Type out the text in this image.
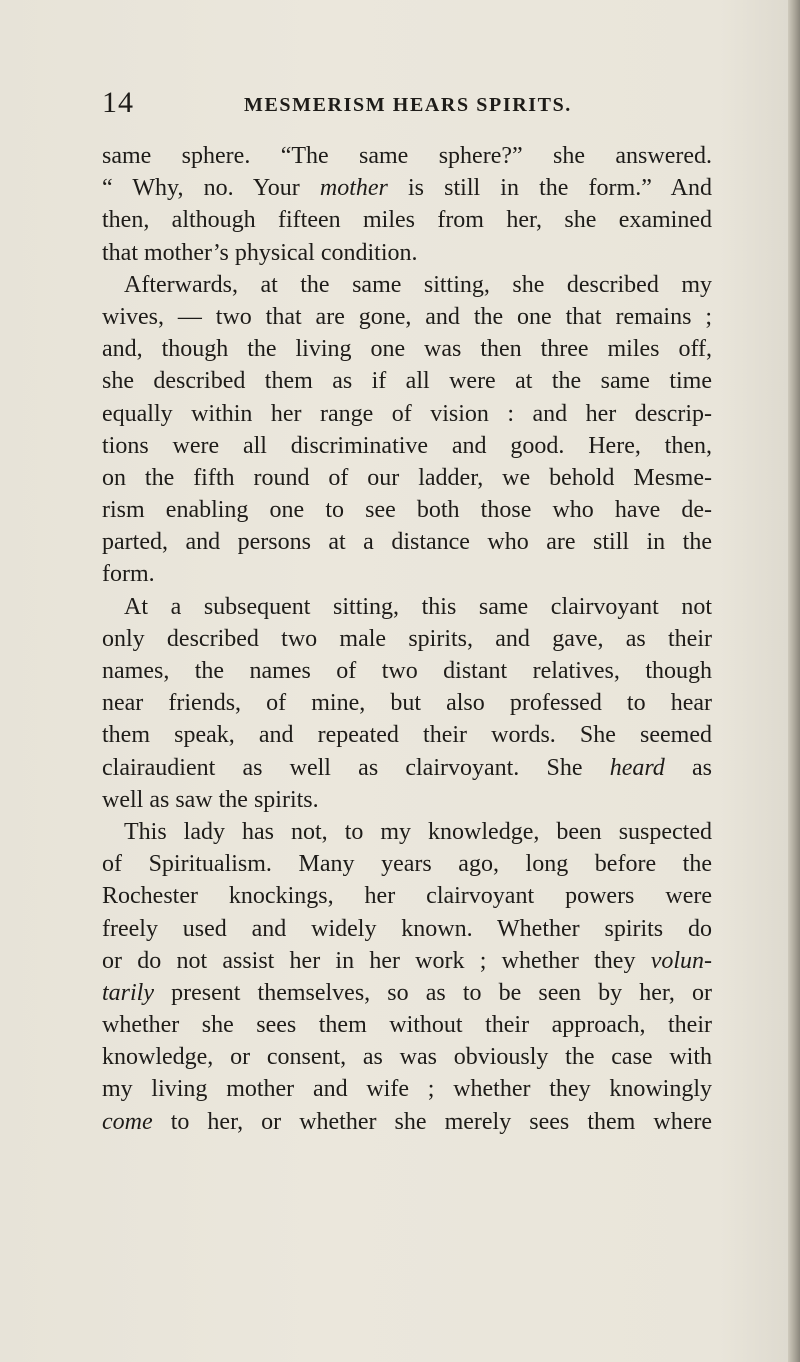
14	MESMERISM HEARS SPIRITS.
same sphere. “The same sphere?” she answered.
“ Why, no. Your mother is still in the form.” And
then, although fifteen miles from her, she examined
that mother’s physical condition.
Afterwards, at the same sitting, she described my
wives, — two that are gone, and the one that remains ;
and, though the living one was then three miles off,
she described them as if all were at the same time
equally within her range of vision : and her descrip-
tions were all discriminative and good. Here, then,
on the fifth round of our ladder, we behold Mesme-
rism enabling one to see both those who have de-
parted, and persons at a distance who are still in the
form.
At a subsequent sitting, this same clairvoyant not
only described two male spirits, and gave, as their
names, the names of two distant relatives, though
near friends, of mine, but also professed to hear
them speak, and repeated their words. She seemed
clairaudient as well as clairvoyant. She heard as
well as saw the spirits.
This lady has not, to my knowledge, been suspected
of Spiritualism. Many years ago, long before the
Rochester knockings, her clairvoyant powers were
freely used and widely known. Whether spirits do
or do not assist her in her work ; whether they volun-
tarily present themselves, so as to be seen by her, or
whether she sees them without their approach, their
knowledge, or consent, as was obviously the case with
my living mother and wife ; whether they knowingly
come to her, or whether she merely sees them where
